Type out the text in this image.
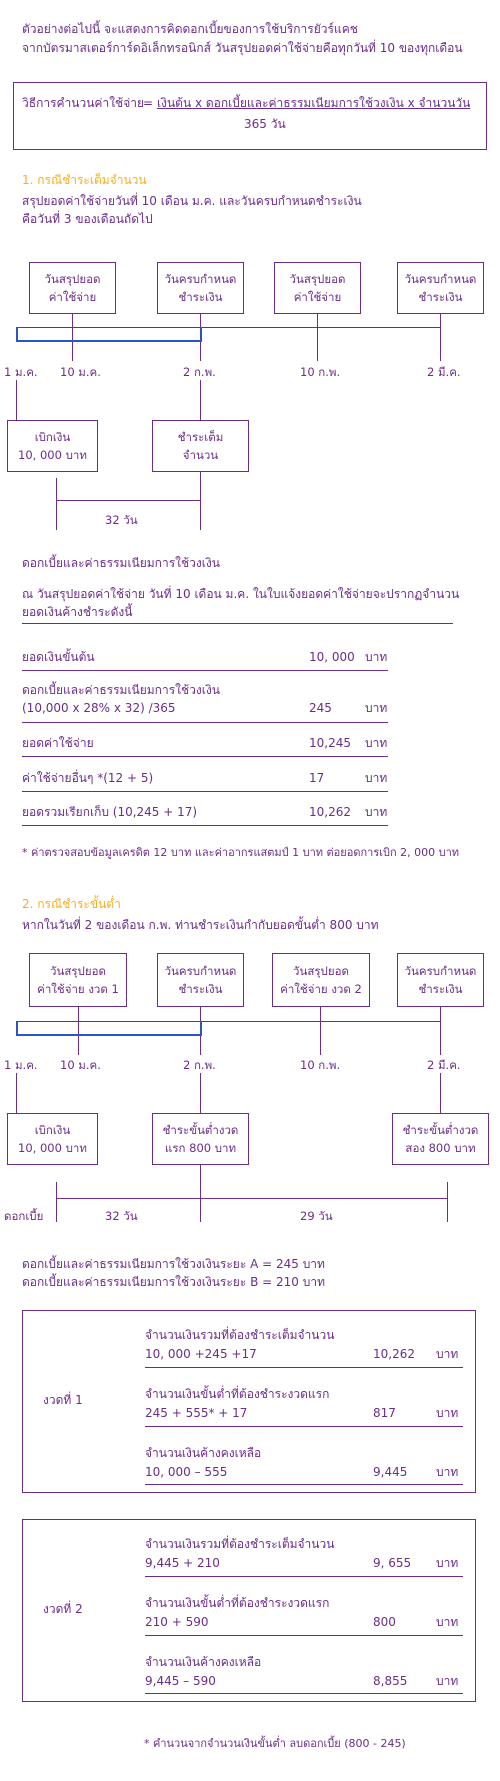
ตัวอย่างต่อไปนี้ จะแสดงการคิดดอกเบี้ยของการใช้บริการยัวร์แคช
จากบัตรมาสเตอร์การ์ดอิเล็กทรอนิกส์ วันสรุปยอดค่าใช้จ่ายคือทุกวันที่ 10 ของทุกเดือน
วิธีการคำนวนค่าใช้จ่าย = เงินต้น x ดอกเบี้ยและค่าธรรมเนียมการใช้วงเงิน x จำนวนวัน
365 วัน
1. กรณีชำระเต็มจำนวน
สรุปยอดค่าใช้จ่ายวันที่ 10 เดือน ม.ค. และวันครบกำหนดชำระเงิน
คือวันที่ 3 ของเดือนถัดไป
วันสรุปยอด
ค่าใช้จ่าย
วันครบกำหนด
ชำระเงิน
วันสรุปยอด
ค่าใช้จ่าย
วันครบกำหนด
ชำระเงิน
1 ม.ค. 10 ม.ค.	2 ก.พ.	10 ก.พ.	2 มี.ค.
เบิกเงิน
10, 000 บาท
ชำระเต็ม
จำนวน
32 วัน
ดอกเบี้ยและค่าธรรมเนียมการใช้วงเงิน
ณ วันสรุปยอดค่าใช้จ่าย วันที่ 10 เดือน ม.ค. ในใบแจ้งยอดค่าใช้จ่ายจะปรากฏจำนวน
ยอดเงินค้างชำระดังนี้
ยอดเงินขั้นต้น	10, 000 บาท
ดอกเบี้ยและค่าธรรมเนียมการใช้วงเงิน
(10,000 x 28% x 32) /365	245	บาท
ยอดค่าใช้จ่าย	10,245 บาท
ค่าใช้จ่ายอื่นๆ *(12 + 5)	17	บาท
ยอดรวมเรียกเก็บ (10,245 + 17)	10,262 บาท
* ค่าตรวจสอบข้อมูลเครดิต 12 บาท และค่าอากรแสตมป์ 1 บาท ต่อยอดการเบิก 2, 000 บาท
2. กรณีชำระขั้นต่ำ
หากในวันที่ 2 ของเดือน ก.พ. ท่านชำระเงินกำกับยอดขั้นต่ำ 800 บาท
วันสรุปยอด
ค่าใช้จ่าย งวด 1
วันครบกำหนด
ชำระเงิน
วันสรุปยอด
ค่าใช้จ่าย งวด 2
วันครบกำหนด
ชำระเงิน
1 ม.ค. 10 ม.ค.	2 ก.พ.	10 ก.พ.	2 มี.ค.
เบิกเงิน
10, 000 บาท
ชำระขั้นต่ำงวด
แรก 800 บาท
ชำระขั้นต่ำงวด
สอง 800 บาท
ดอกเบี้ย	32 วัน	29 วัน
ดอกเบี้ยและค่าธรรมเนียมการใช้วงเงินระยะ A = 245 บาท
ดอกเบี้ยและค่าธรรมเนียมการใช้วงเงินระยะ B = 210 บาท
งวดที่ 1
จำนวนเงินรวมที่ต้องชำระเต็มจำนวน
10, 000 +245 +17	10,262 บาท
จำนวนเงินขั้นต่ำที่ต้องชำระงวดแรก
245 + 555* + 17	817	บาท
จำนวนเงินค้างคงเหลือ
10, 000 – 555	9,445 บาท
งวดที่ 2
จำนวนเงินรวมที่ต้องชำระเต็มจำนวน
9,445 + 210	9, 655 บาท
จำนวนเงินขั้นต่ำที่ต้องชำระงวดแรก
210 + 590	800	บาท
จำนวนเงินค้างคงเหลือ
9,445 – 590	8,855 บาท
* คำนวนจากจำนวนเงินขั้นต่ำ ลบดอกเบี้ย (800 - 245)
